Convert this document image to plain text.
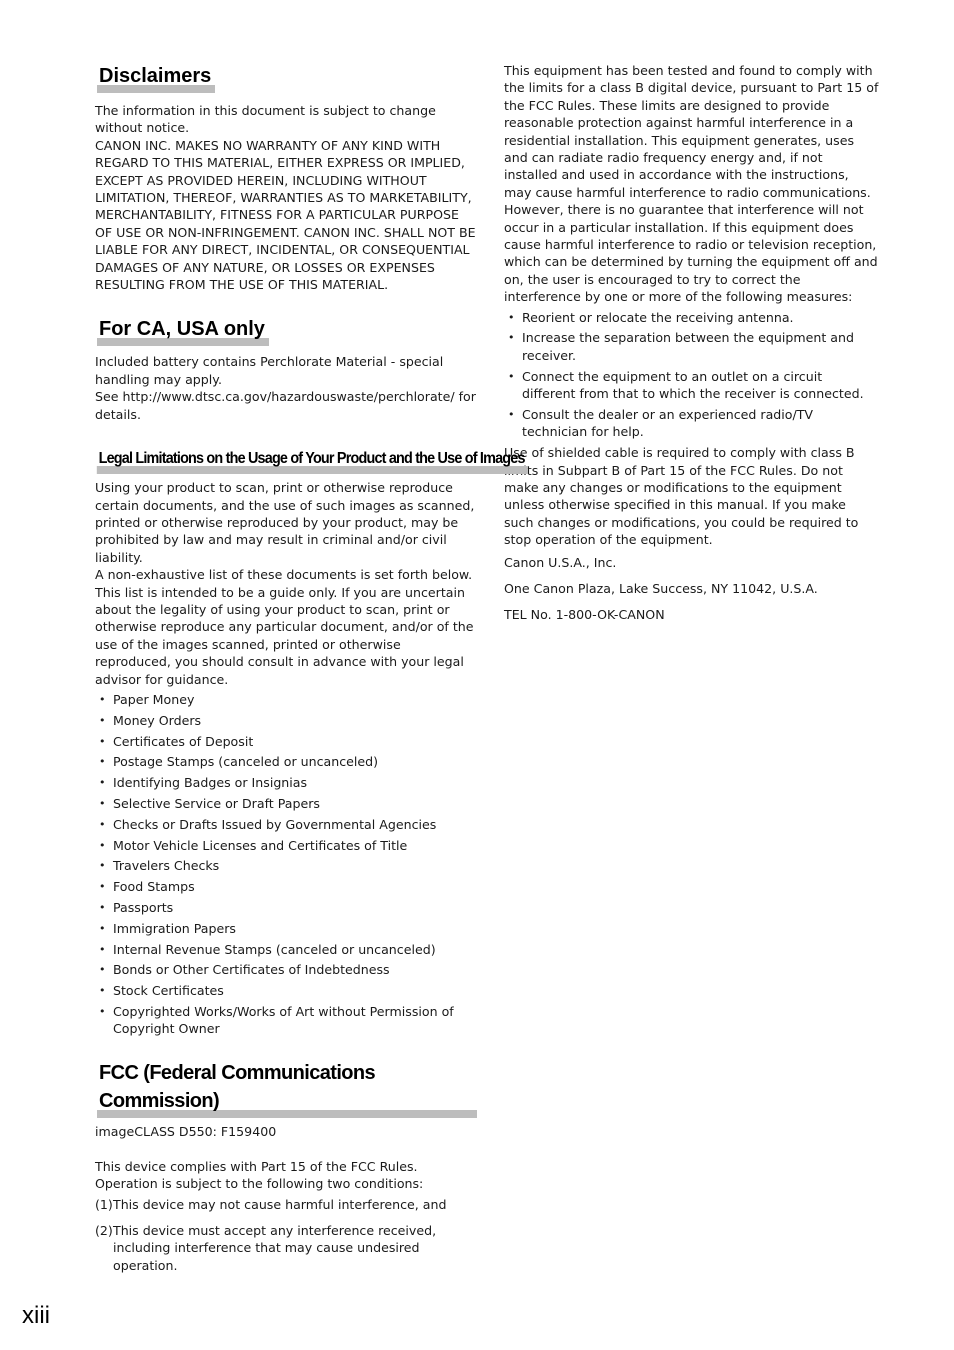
Disclaimers

The information in this document is subject to change without notice.

CANON INC. MAKES NO WARRANTY OF ANY KIND WITH REGARD TO THIS MATERIAL, EITHER EXPRESS OR IMPLIED, EXCEPT AS PROVIDED HEREIN, INCLUDING WITHOUT LIMITATION, THEREOF, WARRANTIES AS TO MARKETABILITY, MERCHANTABILITY, FITNESS FOR A PARTICULAR PURPOSE OF USE OR NON-INFRINGEMENT. CANON INC. SHALL NOT BE LIABLE FOR ANY DIRECT, INCIDENTAL, OR CONSEQUENTIAL DAMAGES OF ANY NATURE, OR LOSSES OR EXPENSES RESULTING FROM THE USE OF THIS MATERIAL.

For CA, USA only

Included battery contains Perchlorate Material - special handling may apply.

See http://www.dtsc.ca.gov/hazardouswaste/perchlorate/ for details.

Legal Limitations on the Usage of Your Product and the Use of Images

Using your product to scan, print or otherwise reproduce certain documents, and the use of such images as scanned, printed or otherwise reproduced by your product, may be prohibited by law and may result in criminal and/or civil liability.

A non-exhaustive list of these documents is set forth below. This list is intended to be a guide only. If you are uncertain about the legality of using your product to scan, print or otherwise reproduce any particular document, and/or of the use of the images scanned, printed or otherwise reproduced, you should consult in advance with your legal advisor for guidance.

• Paper Money
• Money Orders
• Certificates of Deposit
• Postage Stamps (canceled or uncanceled)
• Identifying Badges or Insignias
• Selective Service or Draft Papers
• Checks or Drafts Issued by Governmental Agencies
• Motor Vehicle Licenses and Certificates of Title
• Travelers Checks
• Food Stamps
• Passports
• Immigration Papers
• Internal Revenue Stamps (canceled or uncanceled)
• Bonds or Other Certificates of Indebtedness
• Stock Certificates
• Copyrighted Works/Works of Art without Permission of Copyright Owner
FCC (Federal Communications Commission)

imageCLASS D550: F159400

This device complies with Part 15 of the FCC Rules. Operation is subject to the following two conditions:

(1) This device may not cause harmful interference, and
(2) This device must accept any interference received, including interference that may cause undesired operation.

This equipment has been tested and found to comply with the limits for a class B digital device, pursuant to Part 15 of the FCC Rules. These limits are designed to provide reasonable protection against harmful interference in a residential installation. This equipment generates, uses and can radiate radio frequency energy and, if not installed and used in accordance with the instructions, may cause harmful interference to radio communications. However, there is no guarantee that interference will not occur in a particular installation. If this equipment does cause harmful interference to radio or television reception, which can be determined by turning the equipment off and on, the user is encouraged to try to correct the interference by one or more of the following measures:

• Reorient or relocate the receiving antenna.
• Increase the separation between the equipment and receiver.
• Connect the equipment to an outlet on a circuit different from that to which the receiver is connected.
• Consult the dealer or an experienced radio/TV technician for help.

Use of shielded cable is required to comply with class B limits in Subpart B of Part 15 of the FCC Rules. Do not make any changes or modifications to the equipment unless otherwise specified in this manual. If you make such changes or modifications, you could be required to stop operation of the equipment.

Canon U.S.A., Inc.

One Canon Plaza, Lake Success, NY 11042, U.S.A.

TEL No. 1-800-OK-CANON

xiii
